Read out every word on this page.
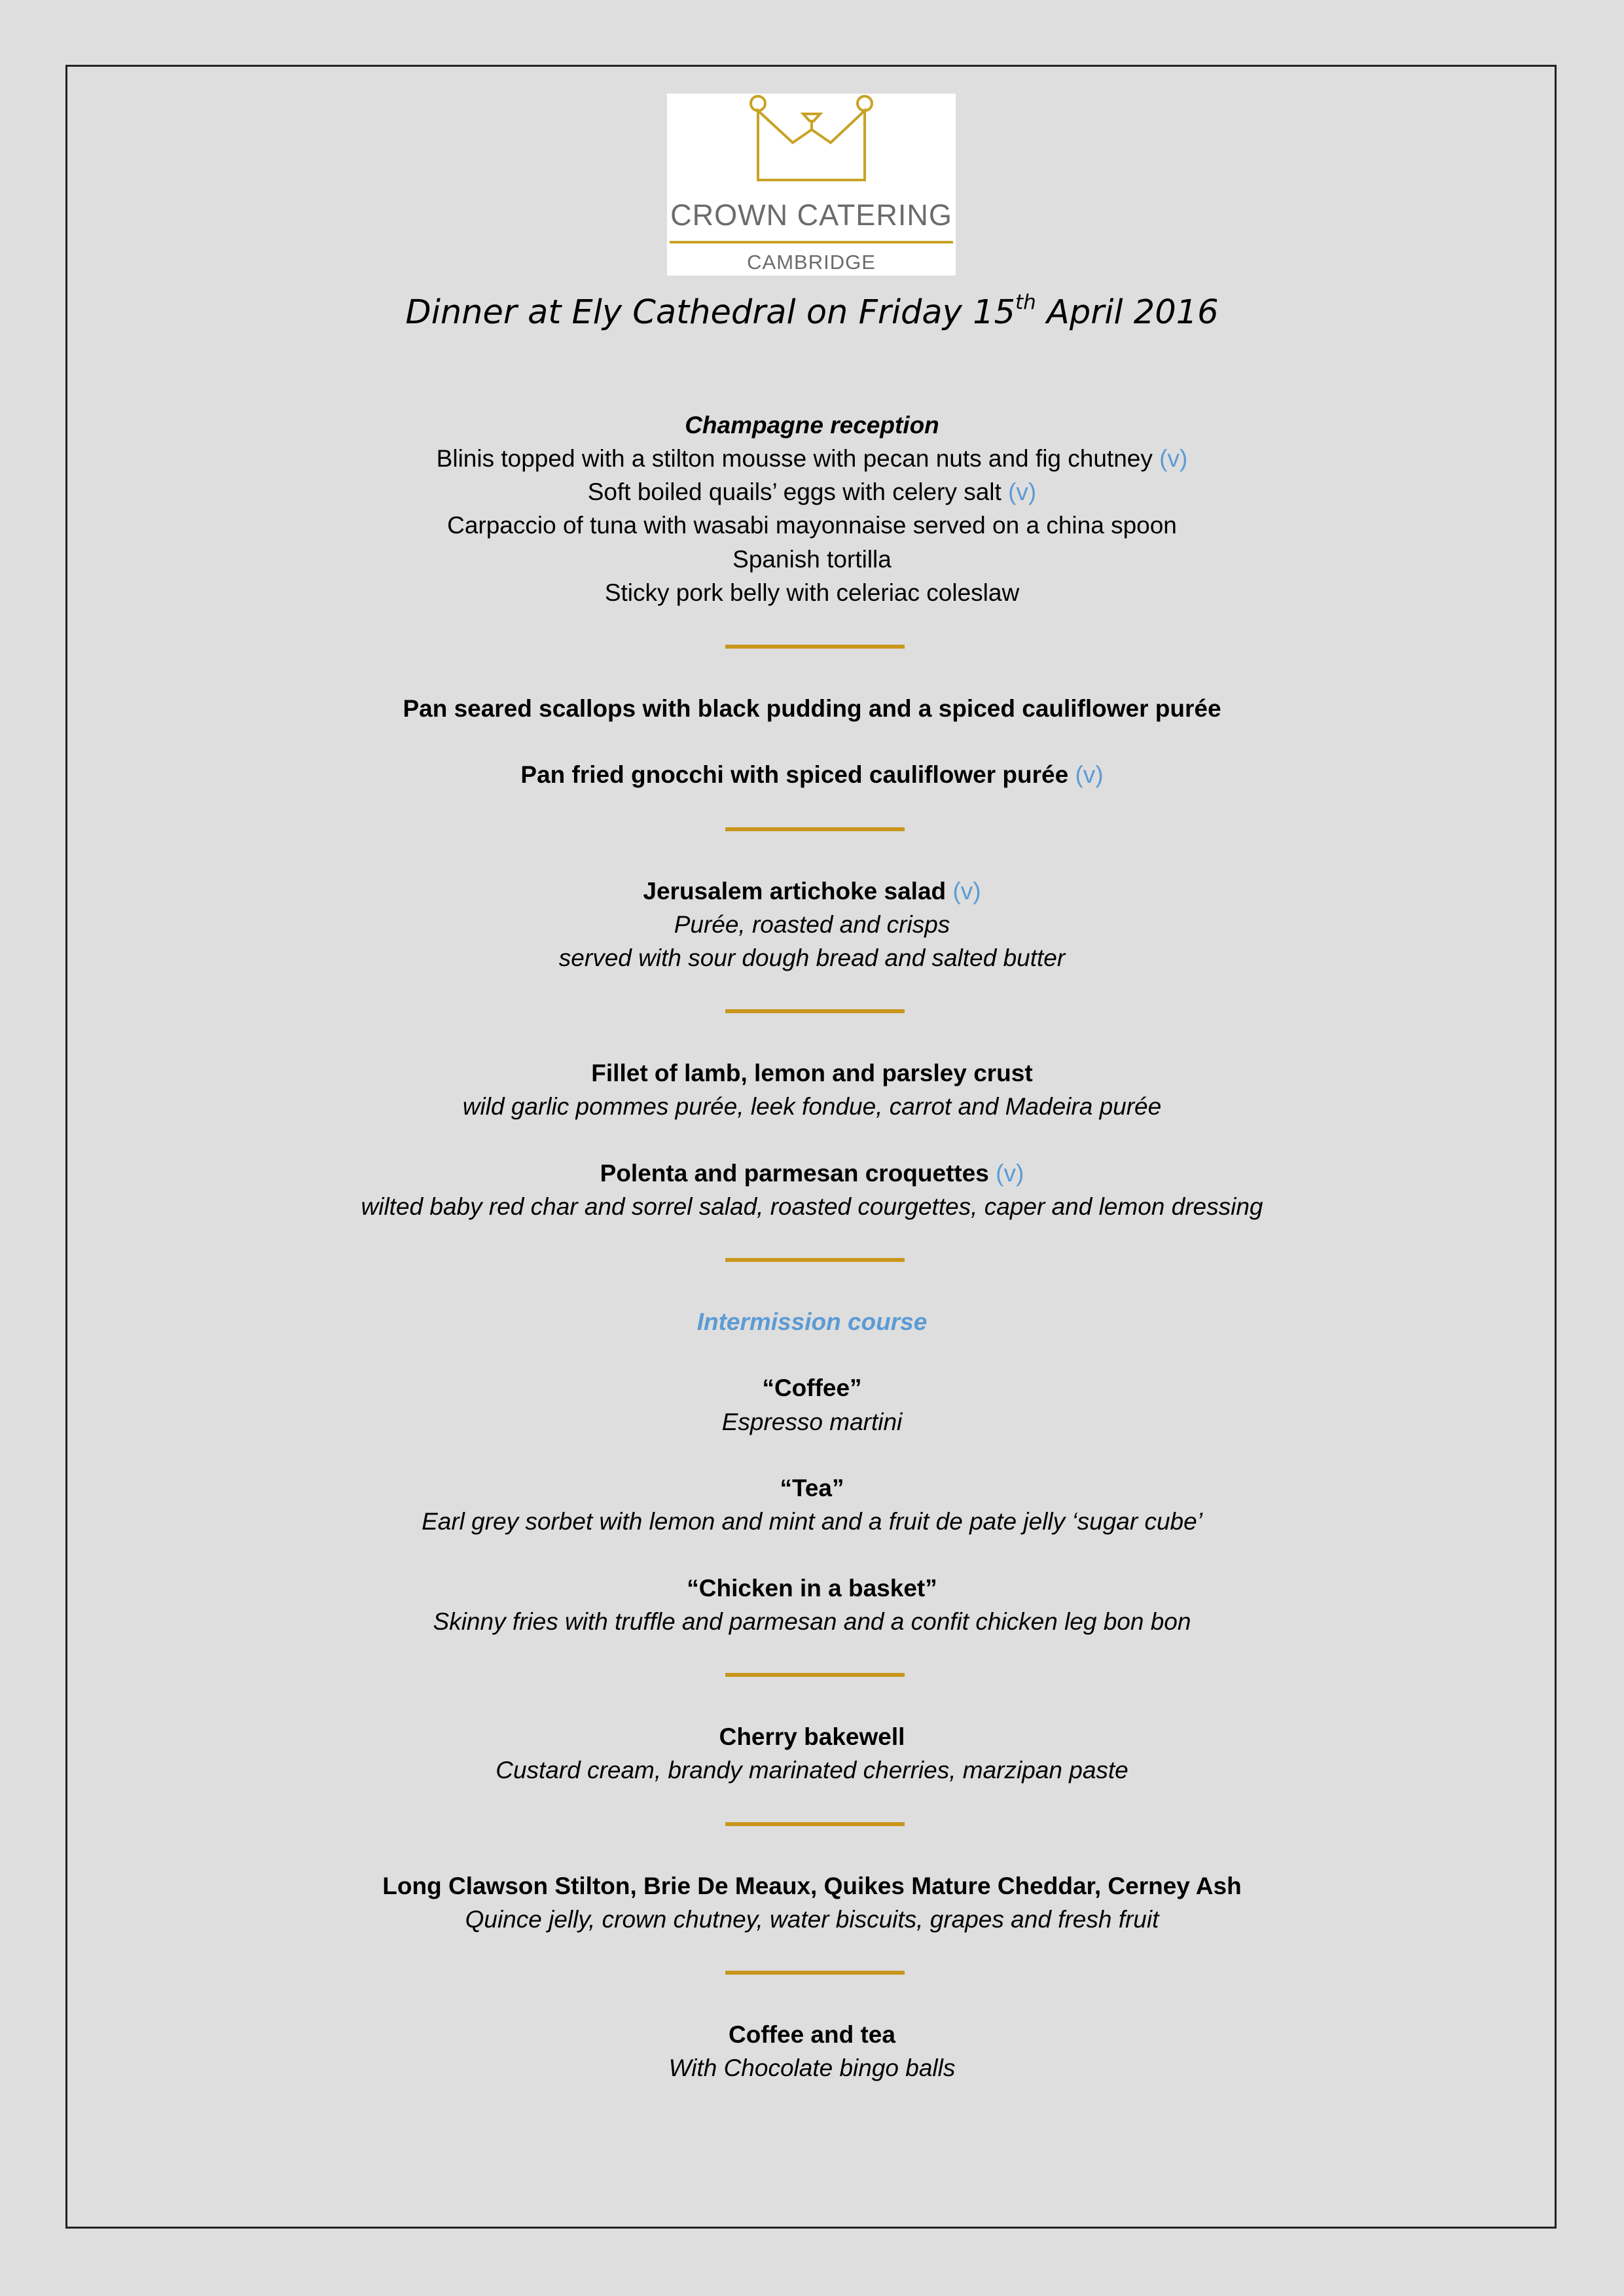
CROWN CATERING
CAMBRIDGE
Dinner at Ely Cathedral on Friday 15th April 2016
Champagne reception
Blinis topped with a stilton mousse with pecan nuts and fig chutney (v)
Soft boiled quails’ eggs with celery salt (v)
Carpaccio of tuna with wasabi mayonnaise served on a china spoon
Spanish tortilla
Sticky pork belly with celeriac coleslaw
Pan seared scallops with black pudding and a spiced cauliflower purée
Pan fried gnocchi with spiced cauliflower purée (v)
Jerusalem artichoke salad (v)
Purée, roasted and crisps
served with sour dough bread and salted butter
Fillet of lamb, lemon and parsley crust
wild garlic pommes purée, leek fondue, carrot and Madeira purée
Polenta and parmesan croquettes (v)
wilted baby red char and sorrel salad, roasted courgettes, caper and lemon dressing
Intermission course
“Coffee”
Espresso martini
“Tea”
Earl grey sorbet with lemon and mint and a fruit de pate jelly ‘sugar cube’
“Chicken in a basket”
Skinny fries with truffle and parmesan and a confit chicken leg bon bon
Cherry bakewell
Custard cream, brandy marinated cherries, marzipan paste
Long Clawson Stilton, Brie De Meaux, Quikes Mature Cheddar, Cerney Ash
Quince jelly, crown chutney, water biscuits, grapes and fresh fruit
Coffee and tea
With Chocolate bingo balls
